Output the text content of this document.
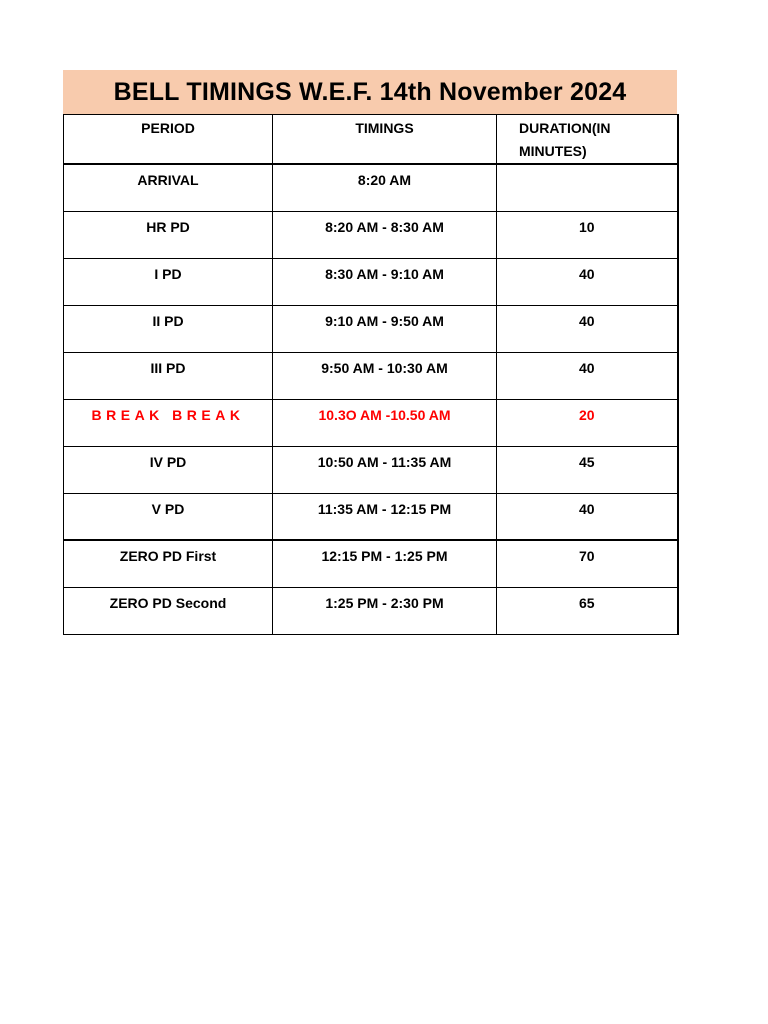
BELL TIMINGS W.E.F. 14th November 2024
PERIOD	TIMINGS	DURATION(IN
MINUTES)
ARRIVAL	8:20 AM	
HR PD	8:20 AM - 8:30 AM	10
I PD	8:30 AM - 9:10 AM	40
II PD	9:10 AM - 9:50 AM	40
III PD	9:50 AM - 10:30 AM	40
BREAK BREAK	10.3O AM -10.50 AM	20
IV PD	10:50 AM - 11:35 AM	45
V PD	11:35 AM - 12:15 PM	40
ZERO PD First	12:15 PM - 1:25 PM	70
ZERO PD Second	1:25 PM - 2:30 PM	65
